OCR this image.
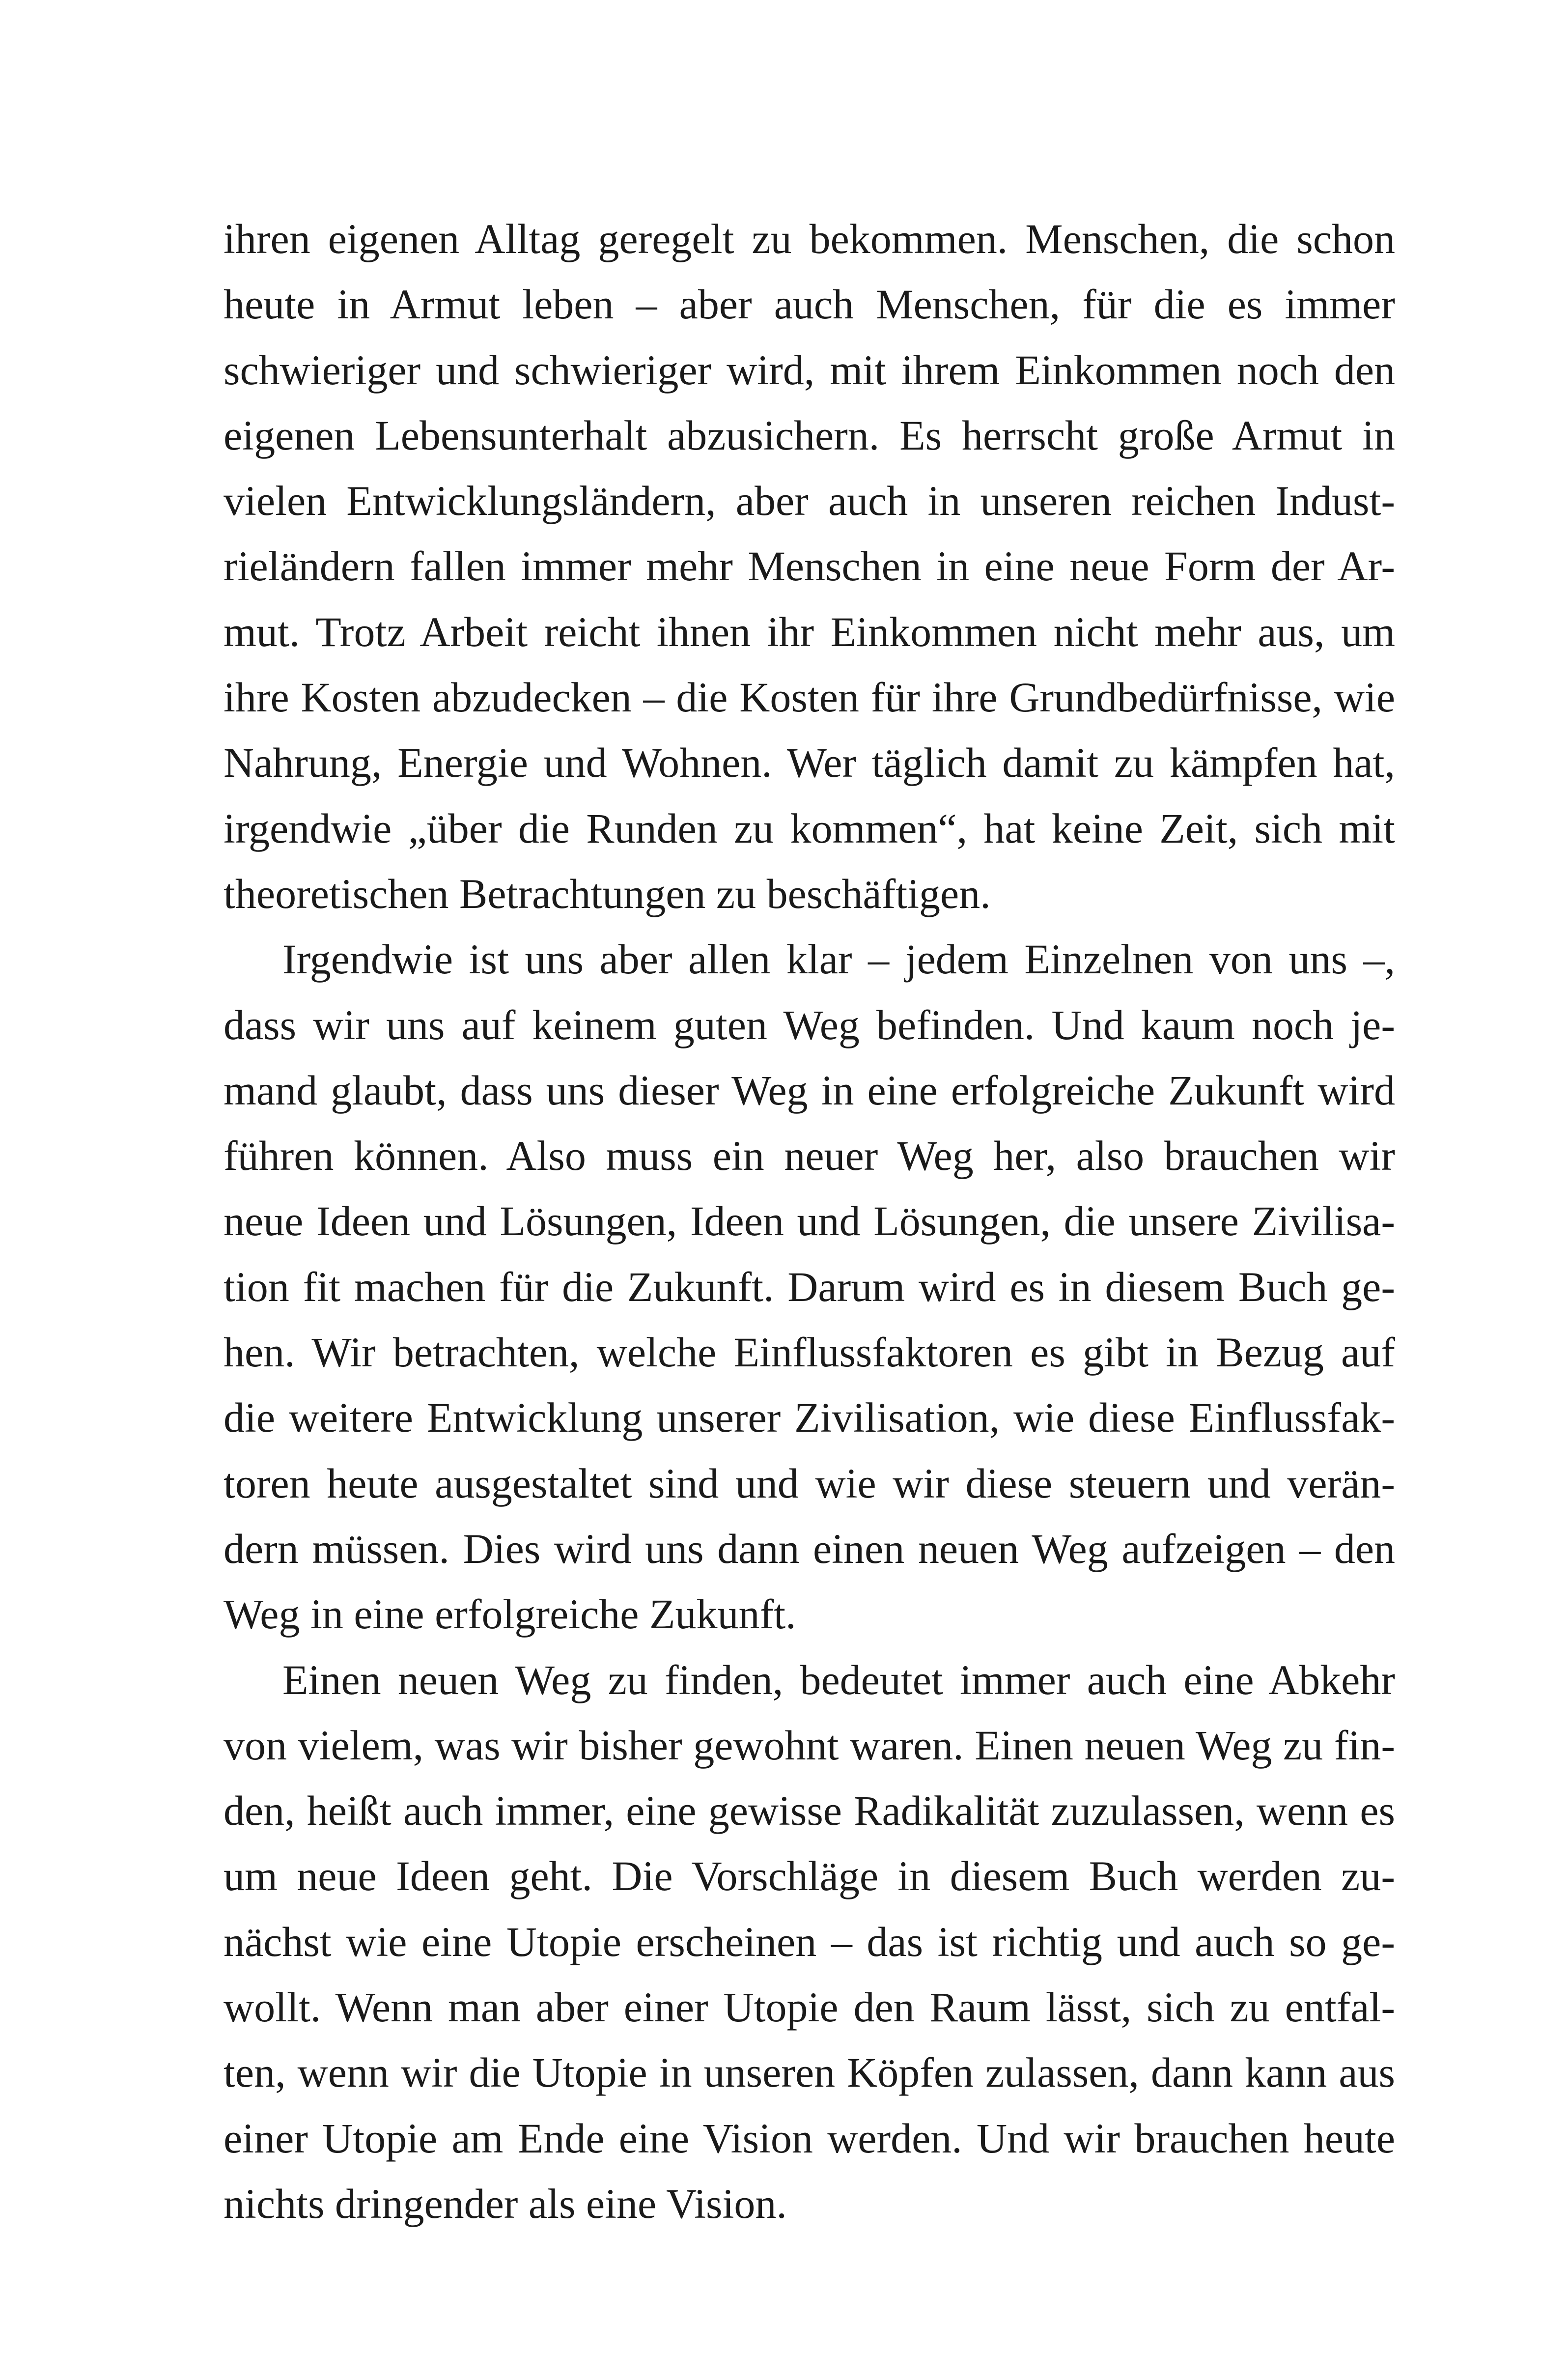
ihren eigenen Alltag geregelt zu bekommen. Menschen, die schon
heute in Armut leben – aber auch Menschen, für die es immer
schwieriger und schwieriger wird, mit ihrem Einkommen noch den
eigenen Lebensunterhalt abzusichern. Es herrscht große Armut in
vielen Entwicklungsländern, aber auch in unseren reichen Indust-
rieländern fallen immer mehr Menschen in eine neue Form der Ar-
mut. Trotz Arbeit reicht ihnen ihr Einkommen nicht mehr aus, um
ihre Kosten abzudecken – die Kosten für ihre Grundbedürfnisse, wie
Nahrung, Energie und Wohnen. Wer täglich damit zu kämpfen hat,
irgendwie „über die Runden zu kommen“, hat keine Zeit, sich mit
theoretischen Betrachtungen zu beschäftigen.
Irgendwie ist uns aber allen klar – jedem Einzelnen von uns –,
dass wir uns auf keinem guten Weg befinden. Und kaum noch je-
mand glaubt, dass uns dieser Weg in eine erfolgreiche Zukunft wird
führen können. Also muss ein neuer Weg her, also brauchen wir
neue Ideen und Lösungen, Ideen und Lösungen, die unsere Zivilisa-
tion fit machen für die Zukunft. Darum wird es in diesem Buch ge-
hen. Wir betrachten, welche Einflussfaktoren es gibt in Bezug auf
die weitere Entwicklung unserer Zivilisation, wie diese Einflussfak-
toren heute ausgestaltet sind und wie wir diese steuern und verän-
dern müssen. Dies wird uns dann einen neuen Weg aufzeigen – den
Weg in eine erfolgreiche Zukunft.
Einen neuen Weg zu finden, bedeutet immer auch eine Abkehr
von vielem, was wir bisher gewohnt waren. Einen neuen Weg zu fin-
den, heißt auch immer, eine gewisse Radikalität zuzulassen, wenn es
um neue Ideen geht. Die Vorschläge in diesem Buch werden zu-
nächst wie eine Utopie erscheinen – das ist richtig und auch so ge-
wollt. Wenn man aber einer Utopie den Raum lässt, sich zu entfal-
ten, wenn wir die Utopie in unseren Köpfen zulassen, dann kann aus
einer Utopie am Ende eine Vision werden. Und wir brauchen heute
nichts dringender als eine Vision.
